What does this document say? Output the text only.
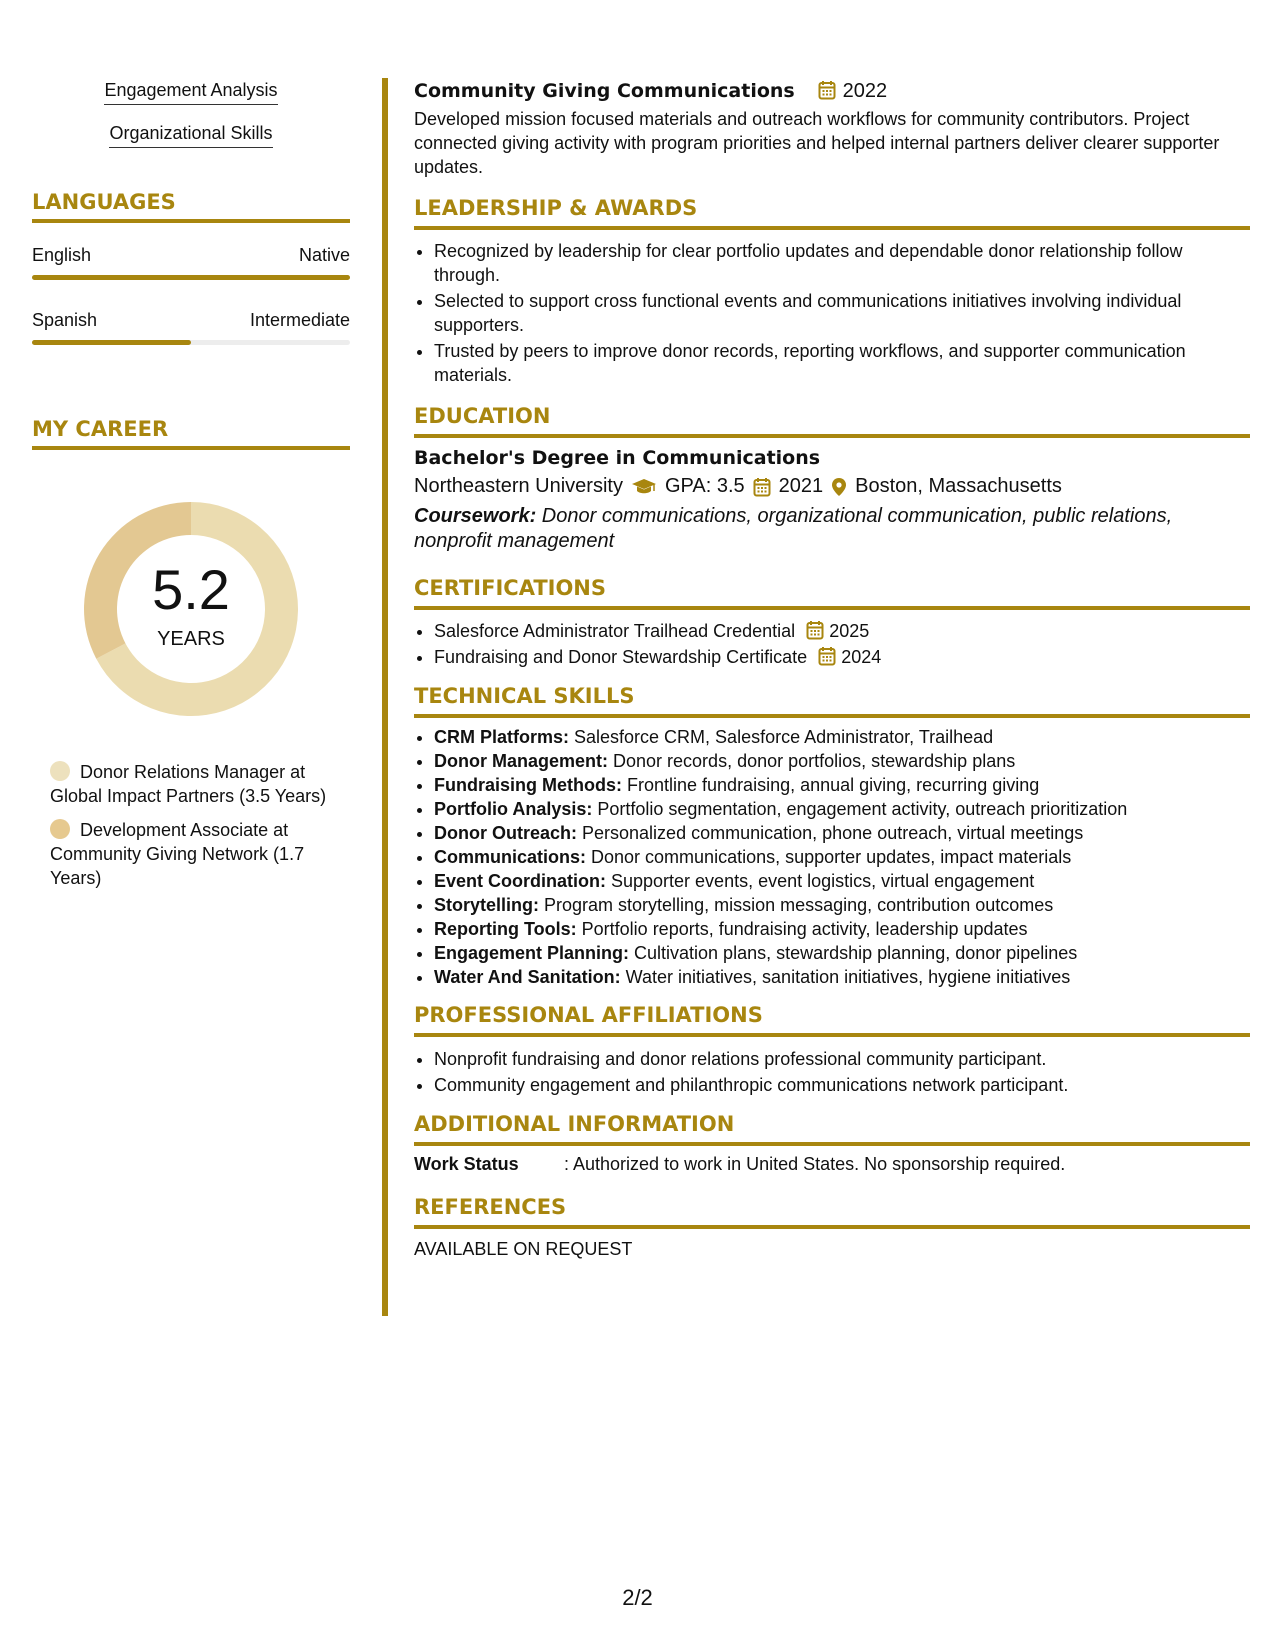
Engagement Analysis
Organizational Skills
LANGUAGES
English	Native
Spanish	Intermediate
MY CAREER
5.2
YEARS
Donor Relations Manager at Global Impact Partners (3.5 Years)
Development Associate at Community Giving Network (1.7 Years)
Community Giving Communications 2022
Developed mission focused materials and outreach workflows for community contributors. Project connected giving activity with program priorities and helped internal partners deliver clearer supporter updates.
LEADERSHIP & AWARDS
• Recognized by leadership for clear portfolio updates and dependable donor relationship follow through.
• Selected to support cross functional events and communications initiatives involving individual supporters.
• Trusted by peers to improve donor records, reporting workflows, and supporter communication materials.
EDUCATION
Bachelor's Degree in Communications
Northeastern University GPA: 3.5 2021 Boston, Massachusetts
Coursework: Donor communications, organizational communication, public relations, nonprofit management
CERTIFICATIONS
• Salesforce Administrator Trailhead Credential 2025
• Fundraising and Donor Stewardship Certificate 2024
TECHNICAL SKILLS
• CRM Platforms: Salesforce CRM, Salesforce Administrator, Trailhead
• Donor Management: Donor records, donor portfolios, stewardship plans
• Fundraising Methods: Frontline fundraising, annual giving, recurring giving
• Portfolio Analysis: Portfolio segmentation, engagement activity, outreach prioritization
• Donor Outreach: Personalized communication, phone outreach, virtual meetings
• Communications: Donor communications, supporter updates, impact materials
• Event Coordination: Supporter events, event logistics, virtual engagement
• Storytelling: Program storytelling, mission messaging, contribution outcomes
• Reporting Tools: Portfolio reports, fundraising activity, leadership updates
• Engagement Planning: Cultivation plans, stewardship planning, donor pipelines
• Water And Sanitation: Water initiatives, sanitation initiatives, hygiene initiatives
PROFESSIONAL AFFILIATIONS
• Nonprofit fundraising and donor relations professional community participant.
• Community engagement and philanthropic communications network participant.
ADDITIONAL INFORMATION
Work Status	: Authorized to work in United States. No sponsorship required.
REFERENCES
AVAILABLE ON REQUEST
2/2
